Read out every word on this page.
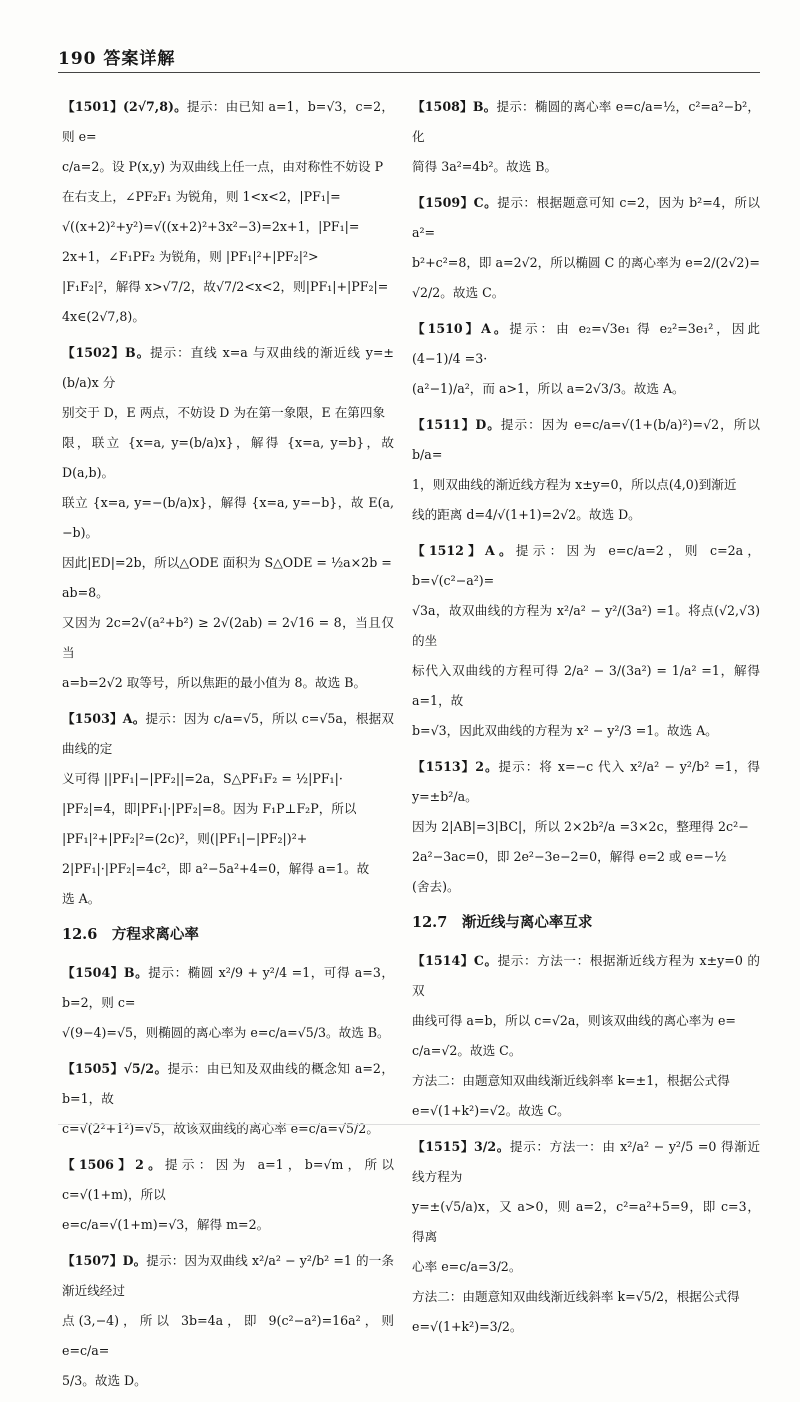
190 答案详解
【1501】(2√7,8)。提示：由已知 a=1，b=√3，c=2，则 e=
c/a=2。设 P(x,y) 为双曲线上任一点，由对称性不妨设 P
在右支上，∠PF₂F₁ 为锐角，则 1<x<2，|PF₁|=
√((x+2)²+y²)=√((x+2)²+3x²−3)=2x+1，|PF₁|=
2x+1，∠F₁PF₂ 为锐角，则 |PF₁|²+|PF₂|²>
|F₁F₂|²，解得 x>√7/2，故√7/2<x<2，则|PF₁|+|PF₂|=
4x∈(2√7,8)。
【1502】B。提示：直线 x=a 与双曲线的渐近线 y=±(b/a)x 分
别交于 D，E 两点，不妨设 D 为在第一象限，E 在第四象
限，联立 {x=a, y=(b/a)x}，解得 {x=a, y=b}，故 D(a,b)。
联立 {x=a, y=−(b/a)x}，解得 {x=a, y=−b}，故 E(a,−b)。
因此|ED|=2b，所以△ODE 面积为 S△ODE = ½a×2b =
ab=8。
又因为 2c=2√(a²+b²) ≥ 2√(2ab) = 2√16 = 8，当且仅当
a=b=2√2 取等号，所以焦距的最小值为 8。故选 B。
【1503】A。提示：因为 c/a=√5，所以 c=√5a，根据双曲线的定
义可得 ||PF₁|−|PF₂||=2a，S△PF₁F₂ = ½|PF₁|·
|PF₂|=4，即|PF₁|·|PF₂|=8。因为 F₁P⊥F₂P，所以
|PF₁|²+|PF₂|²=(2c)²，则(|PF₁|−|PF₂|)²+
2|PF₁|·|PF₂|=4c²，即 a²−5a²+4=0，解得 a=1。故
选 A。
12.6　方程求离心率
【1504】B。提示：椭圆 x²/9 + y²/4 =1，可得 a=3，b=2，则 c=
√(9−4)=√5，则椭圆的离心率为 e=c/a=√5/3。故选 B。
【1505】√5/2。提示：由已知及双曲线的概念知 a=2，b=1，故
c=√(2²+1²)=√5，故该双曲线的离心率 e=c/a=√5/2。
【1506】2。提示：因为 a=1，b=√m，所以 c=√(1+m)，所以
e=c/a=√(1+m)=√3，解得 m=2。
【1507】D。提示：因为双曲线 x²/a² − y²/b² =1 的一条渐近线经过
点(3,−4)，所以 3b=4a，即 9(c²−a²)=16a²，则 e=c/a=
5/3。故选 D。
【1508】B。提示：椭圆的离心率 e=c/a=½，c²=a²−b²，化
简得 3a²=4b²。故选 B。
【1509】C。提示：根据题意可知 c=2，因为 b²=4，所以 a²=
b²+c²=8，即 a=2√2，所以椭圆 C 的离心率为 e=2/(2√2)=
√2/2。故选 C。
【1510】A。提示：由 e₂=√3e₁ 得 e₂²=3e₁²，因此 (4−1)/4 =3·
(a²−1)/a²，而 a>1，所以 a=2√3/3。故选 A。
【1511】D。提示：因为 e=c/a=√(1+(b/a)²)=√2，所以 b/a=
1，则双曲线的渐近线方程为 x±y=0，所以点(4,0)到渐近
线的距离 d=4/√(1+1)=2√2。故选 D。
【1512】A。提示：因为 e=c/a=2，则 c=2a，b=√(c²−a²)=
√3a，故双曲线的方程为 x²/a² − y²/(3a²) =1。将点(√2,√3)的坐
标代入双曲线的方程可得 2/a² − 3/(3a²) = 1/a² =1，解得 a=1，故
b=√3，因此双曲线的方程为 x² − y²/3 =1。故选 A。
【1513】2。提示：将 x=−c 代入 x²/a² − y²/b² =1，得 y=±b²/a。
因为 2|AB|=3|BC|，所以 2×2b²/a =3×2c，整理得 2c²−
2a²−3ac=0，即 2e²−3e−2=0，解得 e=2 或 e=−½
(舍去)。
12.7　渐近线与离心率互求
【1514】C。提示：方法一：根据渐近线方程为 x±y=0 的双
曲线可得 a=b，所以 c=√2a，则该双曲线的离心率为 e=
c/a=√2。故选 C。
方法二：由题意知双曲线渐近线斜率 k=±1，根据公式得
e=√(1+k²)=√2。故选 C。
【1515】3/2。提示：方法一：由 x²/a² − y²/5 =0 得渐近线方程为
y=±(√5/a)x，又 a>0，则 a=2，c²=a²+5=9，即 c=3，得离
心率 e=c/a=3/2。
方法二：由题意知双曲线渐近线斜率 k=√5/2，根据公式得
e=√(1+k²)=3/2。
